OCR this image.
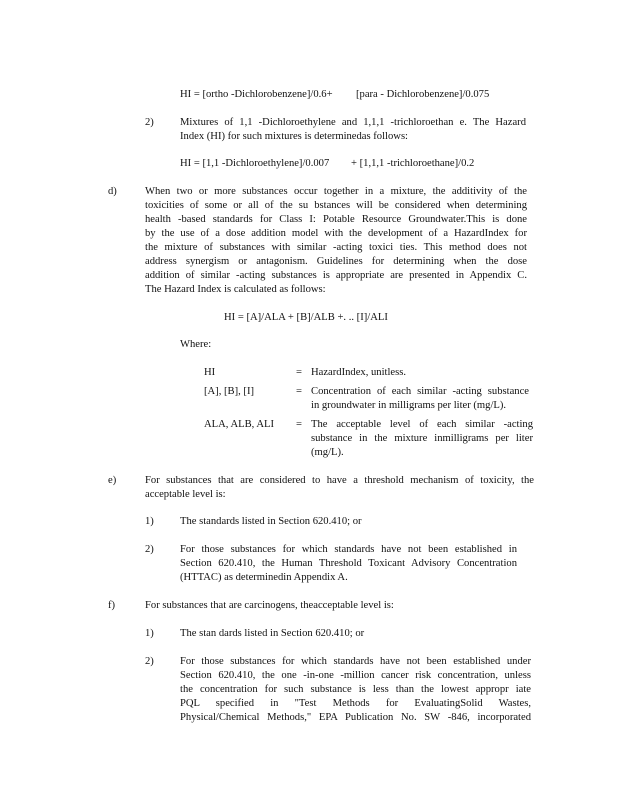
HI = [ortho -Dichlorobenzene]/0.6+ [para - Dichlorobenzene]/0.075
2) Mixtures of 1,1 -Dichloroethylene and 1,1,1 -trichloroethan e. The Hazard
Index (HI) for such mixtures is determinedas follows:
HI = [1,1 -Dichloroethylene]/0.007 + [1,1,1 -trichloroethane]/0.2
d)	When two or more substances occur together in a mixture, the additivity of the
toxicities of some or all of the su bstances will be considered when determining
health -based standards for Class I: Potable Resource Groundwater.This is done
by the use of a dose addition model with the development of a HazardIndex for
the mixture of substances with similar -acting toxici ties. This method does not
address synergism or antagonism. Guidelines for determining when the dose
addition of similar -acting substances is appropriate are presented in Appendix C.
The Hazard Index is calculated as follows:
HI = [A]/ALA + [B]/ALB +. .. [I]/ALI
Where:
HI	= HazardIndex, unitless.
[A], [B], [I]	= Concentration of each similar -acting substance
in groundwater in milligrams per liter (mg/L).
ALA, ALB, ALI = The acceptable level of each similar -acting
substance in the mixture inmilligrams per liter
(mg/L).
e)	For substances that are considered to have a threshold mechanism of toxicity, the
acceptable level is:
1) The standards listed in Section 620.410; or
2) For those substances for which standards have not been established in
Section 620.410, the Human Threshold Toxicant Advisory Concentration
(HTTAC) as determinedin Appendix A.
f)	For substances that are carcinogens, theacceptable level is:
1) The stan dards listed in Section 620.410; or
2) For those substances for which standards have not been established under
Section 620.410, the one -in-one -million cancer risk concentration, unless
the concentration for such substance is less than the lowest appropr iate
PQL specified in "Test Methods for EvaluatingSolid Wastes,
Physical/Chemical Methods," EPA Publication No. SW -846, incorporated
